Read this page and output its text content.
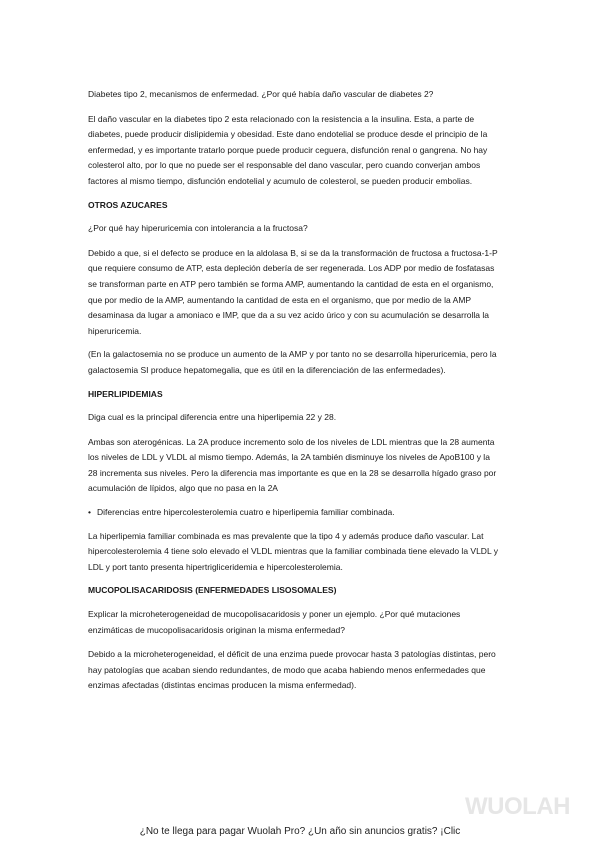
Diabetes tipo 2, mecanismos de enfermedad. ¿Por qué había daño vascular de diabetes 2?

El daño vascular en la diabetes tipo 2 esta relacionado con la resistencia a la insulina. Esta, a parte de diabetes, puede producir dislipidemia y obesidad. Este dano endotelial se produce desde el principio de la enfermedad, y es importante tratarlo porque puede producir ceguera, disfunción renal o gangrena. No hay colesterol alto, por lo que no puede ser el responsable del dano vascular, pero cuando converjan ambos factores al mismo tiempo, disfunción endotelial y acumulo de colesterol, se pueden producir embolias.

OTROS AZUCARES

¿Por qué hay hiperuricemia con intolerancia a la fructosa?

Debido a que, si el defecto se produce en la aldolasa B, si se da la transformación de fructosa a fructosa-1-P que requiere consumo de ATP, esta depleción debería de ser regenerada. Los ADP por medio de fosfatasas se transforman parte en ATP pero también se forma AMP, aumentando la cantidad de esta en el organismo, que por medio de la AMP, aumentando la cantidad de esta en el organismo, que por medio de la AMP desaminasa da lugar a amoniaco e IMP, que da a su vez acido úrico y con su acumulación se desarrolla la hiperuricemia.

(En la galactosemia no se produce un aumento de la AMP y por tanto no se desarrolla hiperuricemia, pero la galactosemia SI produce hepatomegalia, que es útil en la diferenciación de las enfermedades).

HIPERLIPIDEMIAS

Diga cual es la principal diferencia entre una hiperlipemia 22 y 28.

Ambas son aterogénicas. La 2A produce incremento solo de los niveles de LDL mientras que la 28 aumenta los niveles de LDL y VLDL al mismo tiempo. Además, la 2A también disminuye los niveles de ApoB100 y la 28 incrementa sus niveles. Pero la diferencia mas importante es que en la 28 se desarrolla hígado graso por acumulación de lípidos, algo que no pasa en la 2A

• Diferencias entre hipercolesterolemia cuatro e hiperlipemia familiar combinada.

La hiperlipemia familiar combinada es mas prevalente que la tipo 4 y además produce daño vascular. Lat hipercolesterolemia 4 tiene solo elevado el VLDL mientras que la familiar combinada tiene elevado la VLDL y LDL y port tanto presenta hipertrigliceridemia e hipercolesterolemia.

MUCOPOLISACARIDOSIS (ENFERMEDADES LISOSOMALES)

Explicar la microheterogeneidad de mucopolisacaridosis y poner un ejemplo. ¿Por qué mutaciones enzimáticas de mucopolisacaridosis originan la misma enfermedad?

Debido a la microheterogeneidad, el déficit de una enzima puede provocar hasta 3 patologías distintas, pero hay patologías que acaban siendo redundantes, de modo que acaba habiendo menos enfermedades que enzimas afectadas (distintas encimas producen la misma enfermedad).

WUOLAH
¿No te llega para pagar Wuolah Pro? ¿Un año sin anuncios gratis? ¡Clic
